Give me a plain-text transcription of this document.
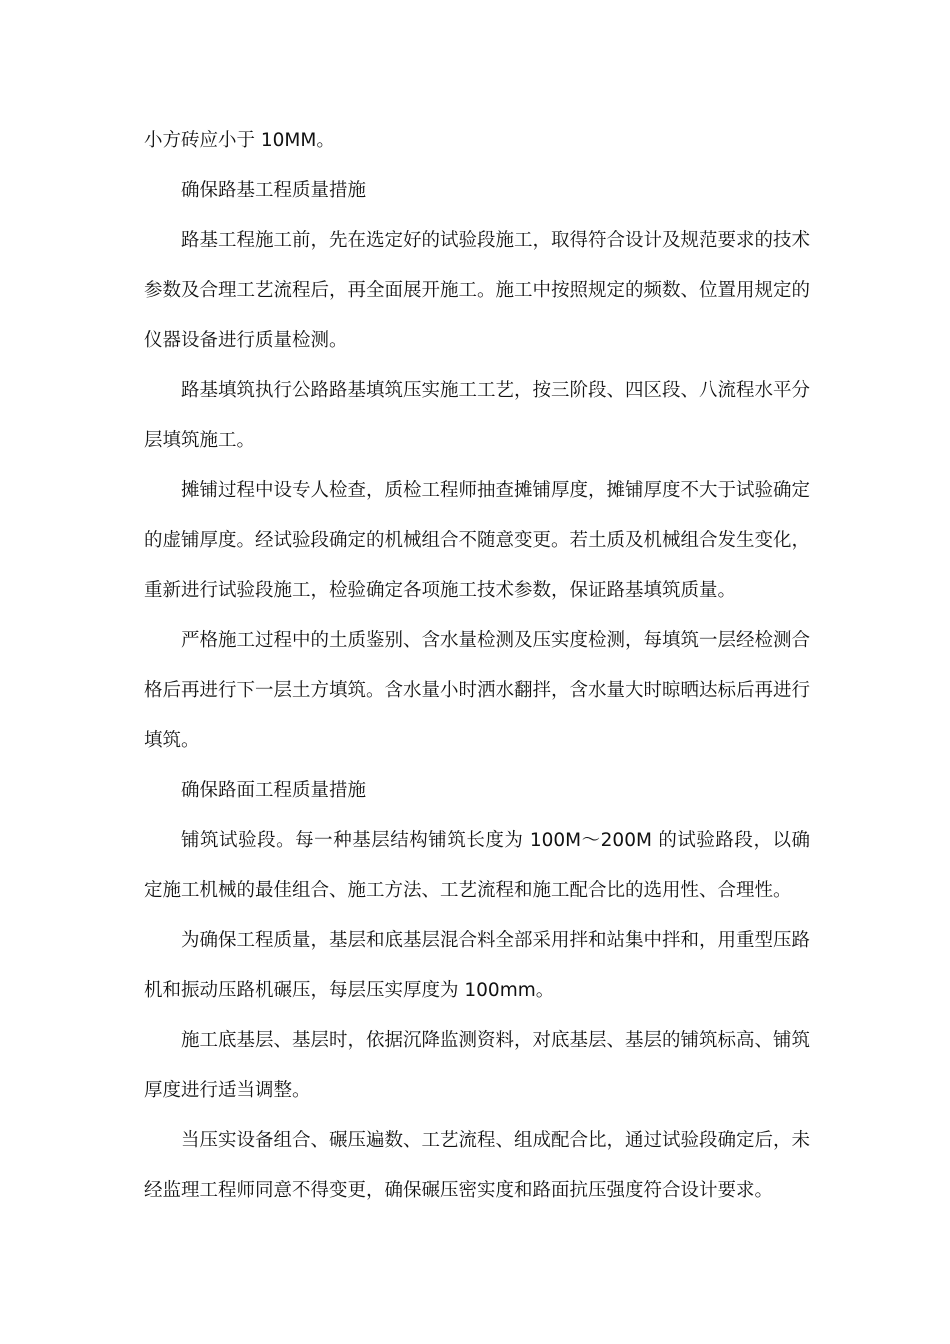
小方砖应小于 10MM。

确保路基工程质量措施

路基工程施工前，先在选定好的试验段施工，取得符合设计及规范要求的技术参数及合理工艺流程后，再全面展开施工。施工中按照规定的频数、位置用规定的仪器设备进行质量检测。

路基填筑执行公路路基填筑压实施工工艺，按三阶段、四区段、八流程水平分层填筑施工。

摊铺过程中设专人检查，质检工程师抽查摊铺厚度，摊铺厚度不大于试验确定的虚铺厚度。经试验段确定的机械组合不随意变更。若土质及机械组合发生变化，重新进行试验段施工，检验确定各项施工技术参数，保证路基填筑质量。

严格施工过程中的土质鉴别、含水量检测及压实度检测，每填筑一层经检测合格后再进行下一层土方填筑。含水量小时洒水翻拌，含水量大时晾晒达标后再进行填筑。

确保路面工程质量措施

铺筑试验段。每一种基层结构铺筑长度为 100M～200M 的试验路段，以确定施工机械的最佳组合、施工方法、工艺流程和施工配合比的选用性、合理性。

为确保工程质量，基层和底基层混合料全部采用拌和站集中拌和，用重型压路机和振动压路机碾压，每层压实厚度为 100mm。

施工底基层、基层时，依据沉降监测资料，对底基层、基层的铺筑标高、铺筑厚度进行适当调整。

当压实设备组合、碾压遍数、工艺流程、组成配合比，通过试验段确定后，未经监理工程师同意不得变更，确保碾压密实度和路面抗压强度符合设计要求。
